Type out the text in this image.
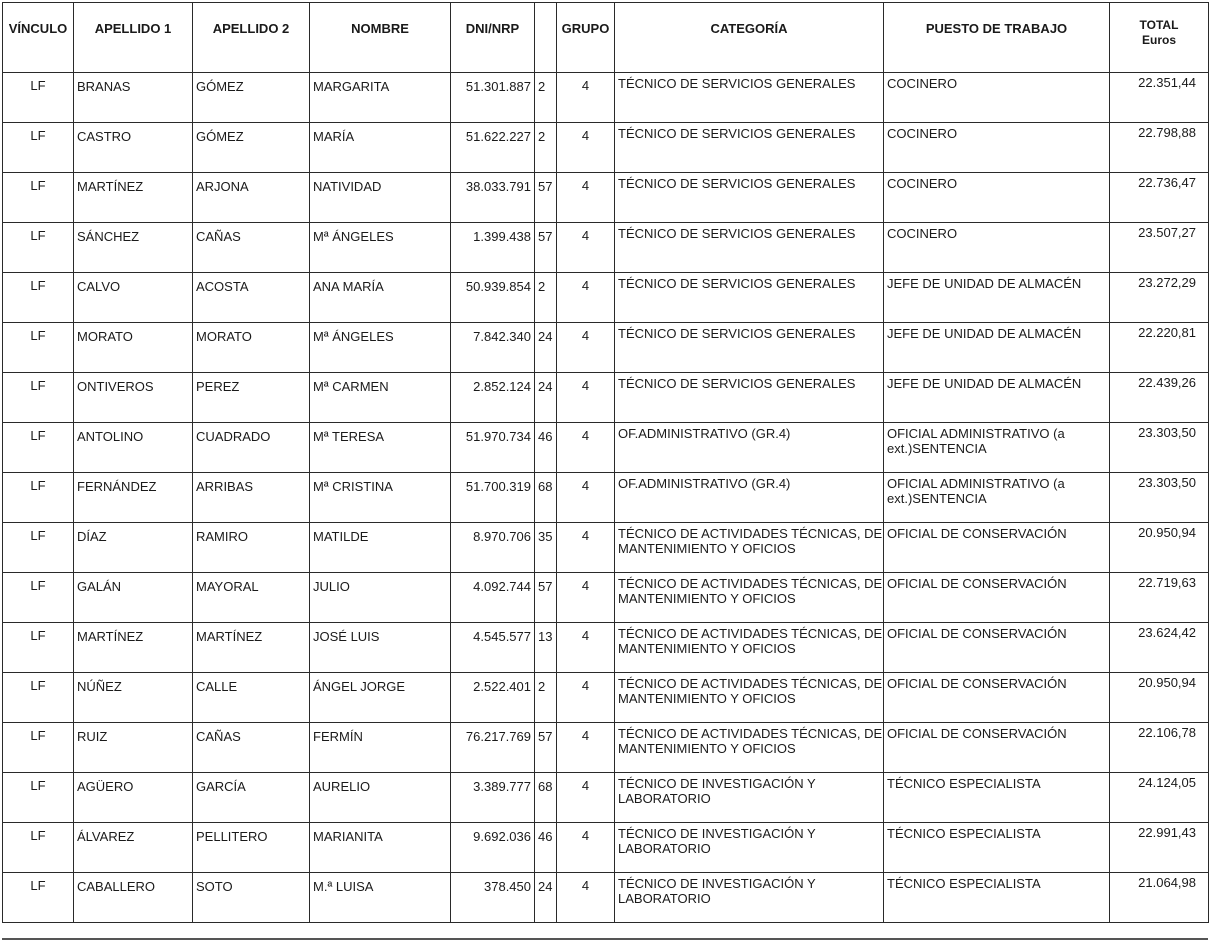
VÍNCULO	APELLIDO 1	APELLIDO 2	NOMBRE	DNI/NRP		GRUPO	CATEGORÍA	PUESTO DE TRABAJO	TOTAL
Euros
LF	BRANAS	GÓMEZ	MARGARITA	51.301.887	2	4	TÉCNICO DE SERVICIOS GENERALES	COCINERO	22.351,44
LF	CASTRO	GÓMEZ	MARÍA	51.622.227	2	4	TÉCNICO DE SERVICIOS GENERALES	COCINERO	22.798,88
LF	MARTÍNEZ	ARJONA	NATIVIDAD	38.033.791	57	4	TÉCNICO DE SERVICIOS GENERALES	COCINERO	22.736,47
LF	SÁNCHEZ	CAÑAS	Mª ÁNGELES	1.399.438	57	4	TÉCNICO DE SERVICIOS GENERALES	COCINERO	23.507,27
LF	CALVO	ACOSTA	ANA MARÍA	50.939.854	2	4	TÉCNICO DE SERVICIOS GENERALES	JEFE DE UNIDAD DE ALMACÉN	23.272,29
LF	MORATO	MORATO	Mª ÁNGELES	7.842.340	24	4	TÉCNICO DE SERVICIOS GENERALES	JEFE DE UNIDAD DE ALMACÉN	22.220,81
LF	ONTIVEROS	PEREZ	Mª CARMEN	2.852.124	24	4	TÉCNICO DE SERVICIOS GENERALES	JEFE DE UNIDAD DE ALMACÉN	22.439,26
LF	ANTOLINO	CUADRADO	Mª TERESA	51.970.734	46	4	OF.ADMINISTRATIVO (GR.4)	OFICIAL ADMINISTRATIVO (a ext.)SENTENCIA	23.303,50
LF	FERNÁNDEZ	ARRIBAS	Mª CRISTINA	51.700.319	68	4	OF.ADMINISTRATIVO (GR.4)	OFICIAL ADMINISTRATIVO (a ext.)SENTENCIA	23.303,50
LF	DÍAZ	RAMIRO	MATILDE	8.970.706	35	4	TÉCNICO DE ACTIVIDADES TÉCNICAS, DE MANTENIMIENTO Y OFICIOS	OFICIAL DE CONSERVACIÓN	20.950,94
LF	GALÁN	MAYORAL	JULIO	4.092.744	57	4	TÉCNICO DE ACTIVIDADES TÉCNICAS, DE MANTENIMIENTO Y OFICIOS	OFICIAL DE CONSERVACIÓN	22.719,63
LF	MARTÍNEZ	MARTÍNEZ	JOSÉ LUIS	4.545.577	13	4	TÉCNICO DE ACTIVIDADES TÉCNICAS, DE MANTENIMIENTO Y OFICIOS	OFICIAL DE CONSERVACIÓN	23.624,42
LF	NÚÑEZ	CALLE	ÁNGEL JORGE	2.522.401	2	4	TÉCNICO DE ACTIVIDADES TÉCNICAS, DE MANTENIMIENTO Y OFICIOS	OFICIAL DE CONSERVACIÓN	20.950,94
LF	RUIZ	CAÑAS	FERMÍN	76.217.769	57	4	TÉCNICO DE ACTIVIDADES TÉCNICAS, DE MANTENIMIENTO Y OFICIOS	OFICIAL DE CONSERVACIÓN	22.106,78
LF	AGÜERO	GARCÍA	AURELIO	3.389.777	68	4	TÉCNICO DE INVESTIGACIÓN Y LABORATORIO	TÉCNICO ESPECIALISTA	24.124,05
LF	ÁLVAREZ	PELLITERO	MARIANITA	9.692.036	46	4	TÉCNICO DE INVESTIGACIÓN Y LABORATORIO	TÉCNICO ESPECIALISTA	22.991,43
LF	CABALLERO	SOTO	M.ª LUISA	378.450	24	4	TÉCNICO DE INVESTIGACIÓN Y LABORATORIO	TÉCNICO ESPECIALISTA	21.064,98
